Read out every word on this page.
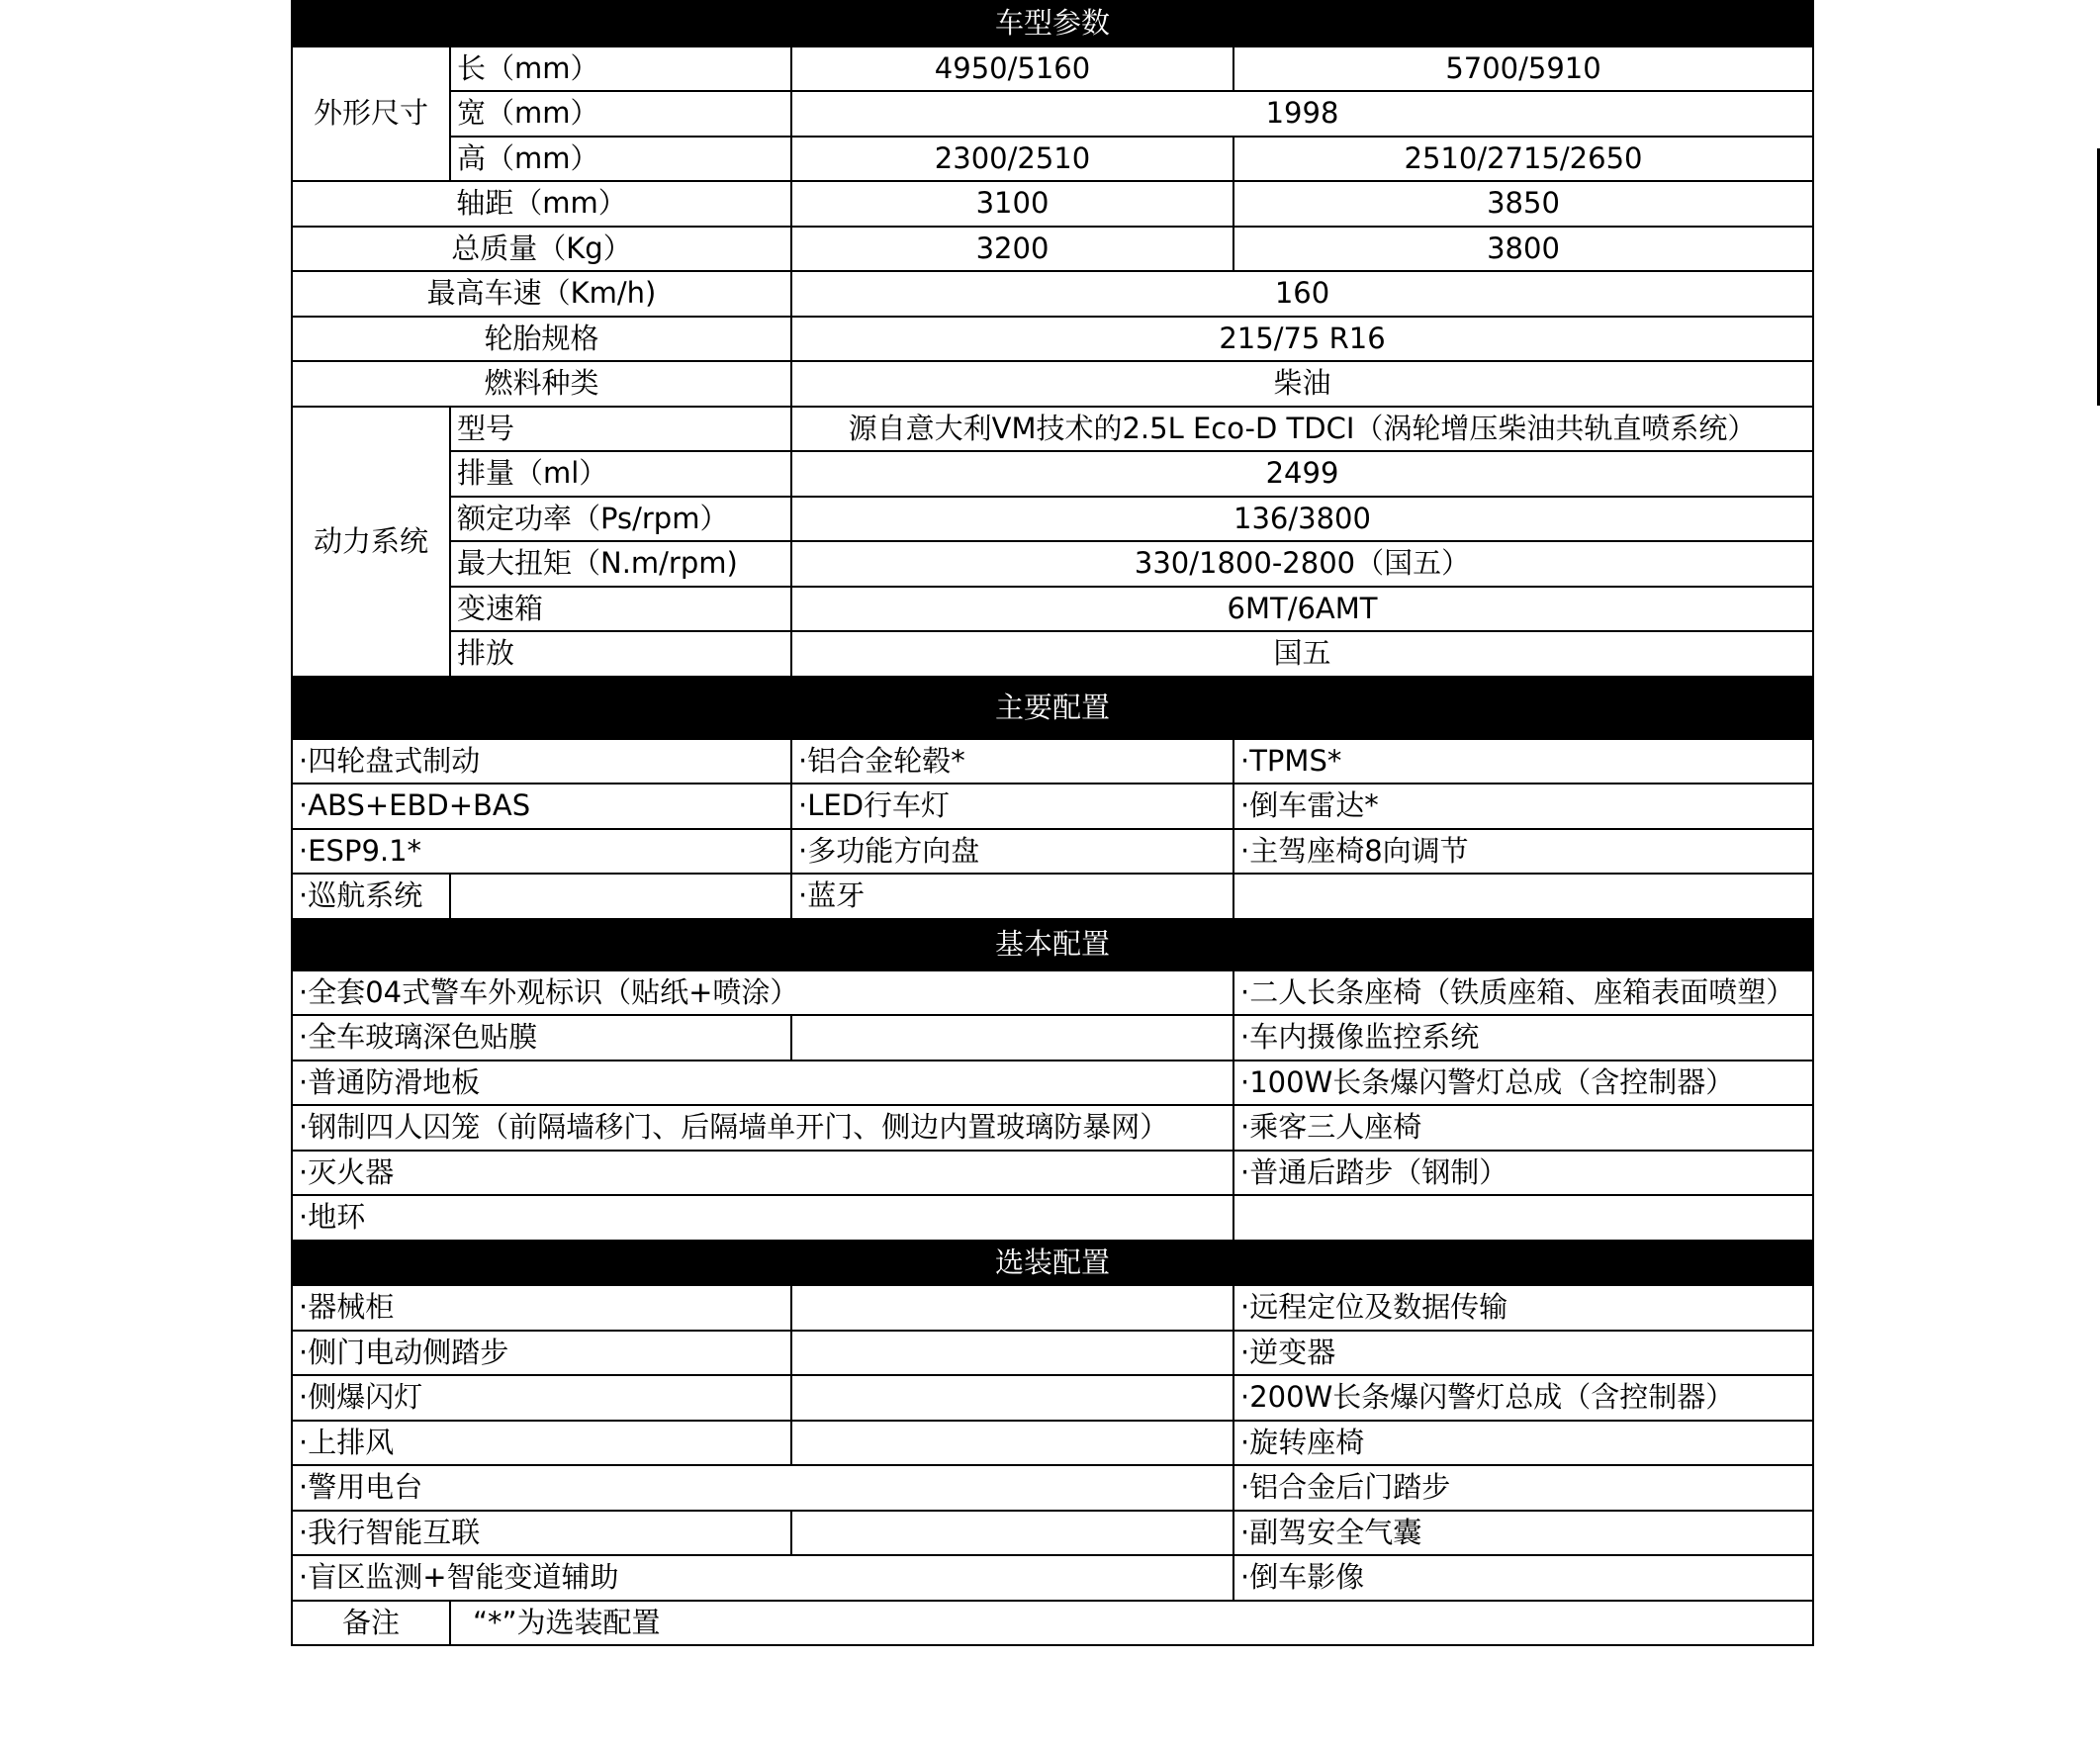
车型参数			
外形尺寸	长（mm）	4950/5160	5700/5910
	宽（mm）	1998	
	高（mm）	2300/2510	2510/2715/2650
轴距（mm）		3100	3850
总质量（Kg）		3200	3800
最高车速（Km/h)		160	
轮胎规格		215/75 R16	
燃料种类		柴油	
动力系统	型号	源自意大利VM技术的2.5L Eco-D TDCI（涡轮增压柴油共轨直喷系统）	
	排量（ml）	2499	
	额定功率（Ps/rpm）	136/3800	
	最大扭矩（N.m/rpm)	330/1800-2800（国五）	
	变速箱	6MT/6AMT	
	排放	国五	
主要配置			
·四轮盘式制动		·铝合金轮毂*	·TPMS*
·ABS+EBD+BAS		·LED行车灯	·倒车雷达*
·ESP9.1*		·多功能方向盘	·主驾座椅8向调节
·巡航系统		·蓝牙	
基本配置			
·全套04式警车外观标识（贴纸+喷涂）			·二人长条座椅（铁质座箱、座箱表面喷塑）
·全车玻璃深色贴膜			·车内摄像监控系统
·普通防滑地板			·100W长条爆闪警灯总成（含控制器）
·钢制四人囚笼（前隔墙移门、后隔墙单开门、侧边内置玻璃防暴网）			·乘客三人座椅
·灭火器			·普通后踏步（钢制）
·地环			
选装配置			
·器械柜			·远程定位及数据传输
·侧门电动侧踏步			·逆变器
·侧爆闪灯			·200W长条爆闪警灯总成（含控制器）
·上排风			·旋转座椅
·警用电台			·铝合金后门踏步
·我行智能互联			·副驾安全气囊
·盲区监测+智能变道辅助			·倒车影像
备注	“*”为选装配置		
